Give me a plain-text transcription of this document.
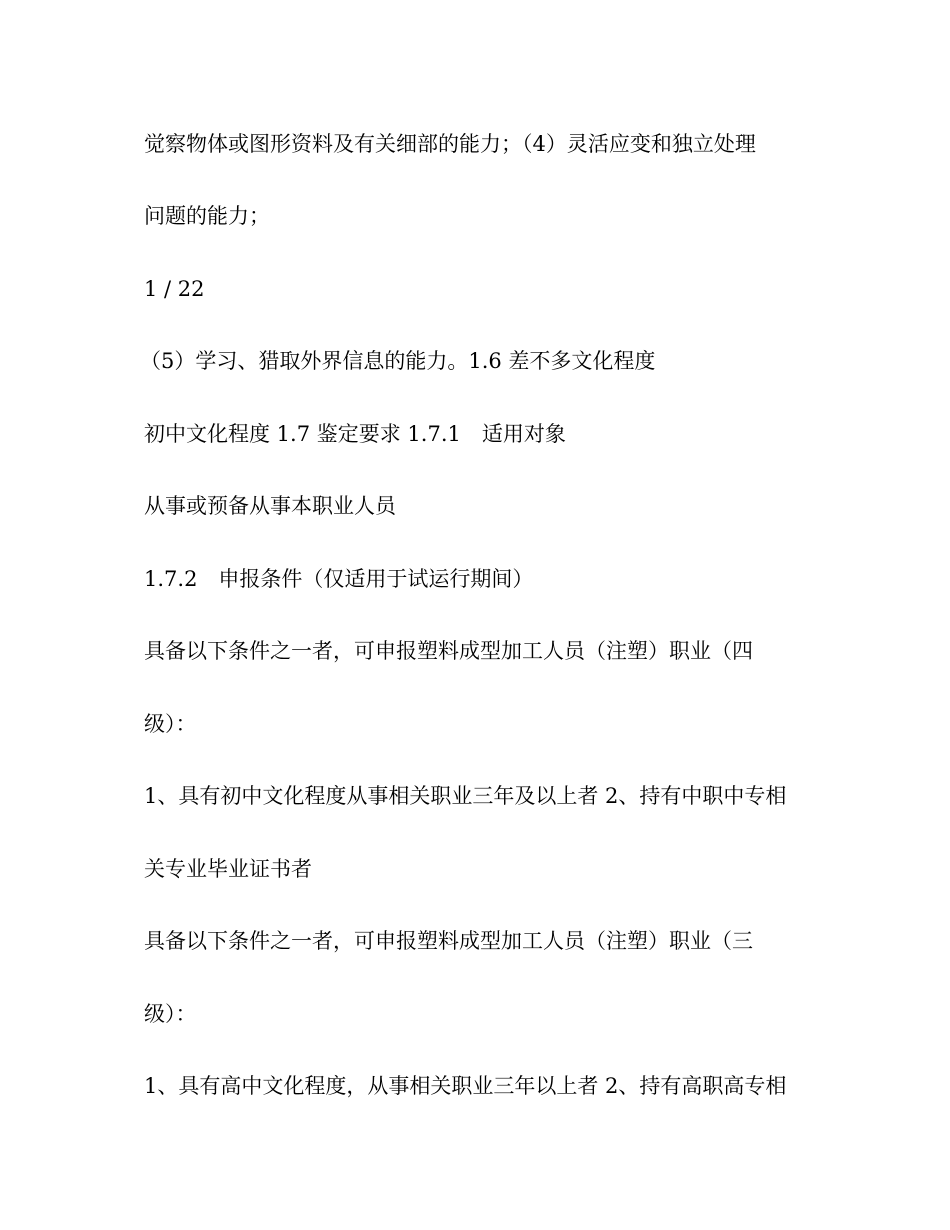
觉察物体或图形资料及有关细部的能力；（4）灵活应变和独立处理
问题的能力；
1 / 22
（5）学习、猎取外界信息的能力。1.6 差不多文化程度
初中文化程度 1.7 鉴定要求 1.7.1　适用对象
从事或预备从事本职业人员
1.7.2　申报条件（仅适用于试运行期间）
具备以下条件之一者，可申报塑料成型加工人员（注塑）职业（四
级）：
1、具有初中文化程度从事相关职业三年及以上者 2、持有中职中专相
关专业毕业证书者
具备以下条件之一者，可申报塑料成型加工人员（注塑）职业（三
级）：
1、具有高中文化程度，从事相关职业三年以上者 2、持有高职高专相
